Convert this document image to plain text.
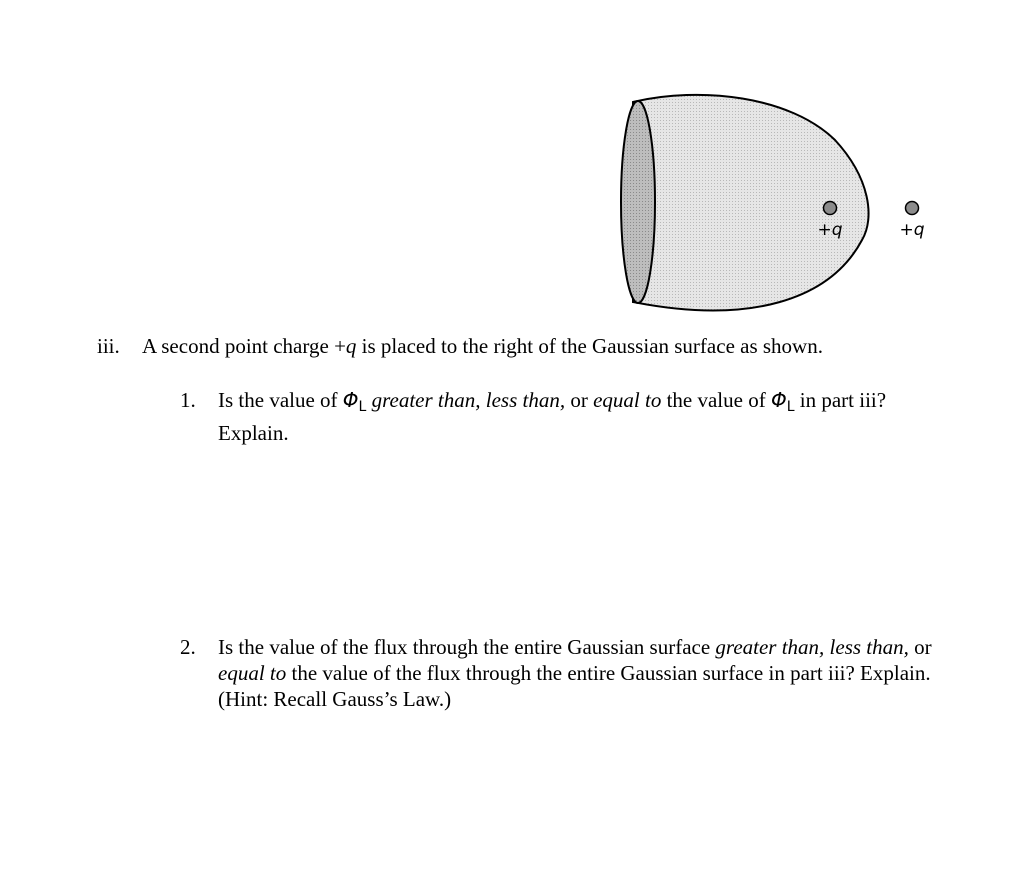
+q	+q
iii. A second point charge +q is placed to the right of the Gaussian surface as shown.
1. Is the value of $\Phi_L$ greater than, less than, or equal to the value of $\Phi_L$ in part iii? Explain.
2. Is the value of the flux through the entire Gaussian surface greater than, less than, or equal to the value of the flux through the entire Gaussian surface in part iii? Explain. (Hint: Recall Gauss’s Law.)
